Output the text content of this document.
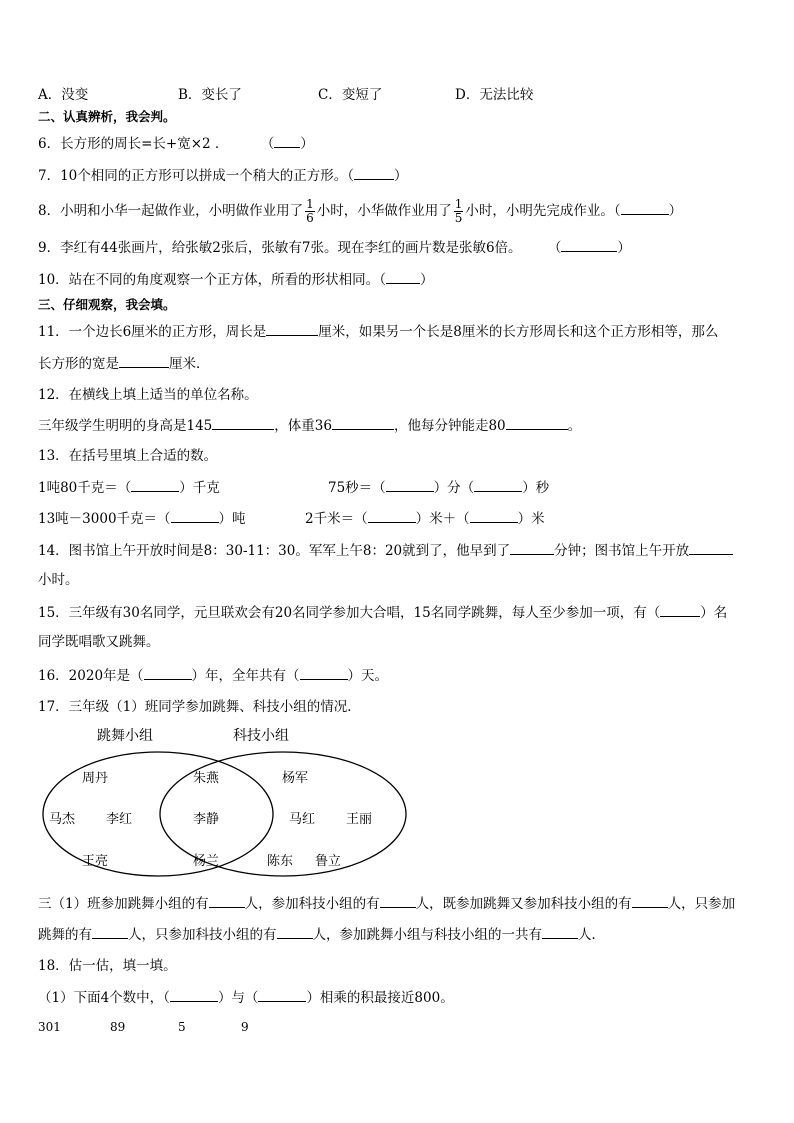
A．没变	B．变长了	C．变短了	D．无法比较
二、认真辨析，我会判。
6．长方形的周长=长+宽×2 ． （ ）
7．10个相同的正方形可以拼成一个稍大的正方形。（	）
8．小明和小华一起做作业，小明做作业用了 $\frac{1}{6}$ 小时，小华做作业用了 $\frac{1}{5}$ 小时，小明先完成作业。（	）
9．李红有44张画片，给张敏2张后，张敏有7张。现在李红的画片数是张敏6倍。 （	）
10．站在不同的角度观察一个正方体，所看的形状相同。（	）
三、仔细观察，我会填。
11．一个边长6厘米的正方形，周长是	厘米，如果另一个长是8厘米的长方形周长和这个正方形相等，那么
长方形的宽是	厘米．
12．在横线上填上适当的单位名称。
三年级学生明明的身高是145	，体重36	，他每分钟能走80	。
13．在括号里填上合适的数。
1吨80千克＝（	）千克	75秒＝（	）分（	）秒
13吨－3000千克＝（	）吨	2千米＝（	）米＋（	）米
14．图书馆上午开放时间是8：30-11：30。军军上午8：20就到了，他早到了	分钟；图书馆上午开放
小时。
15．三年级有30名同学，元旦联欢会有20名同学参加大合唱，15名同学跳舞，每人至少参加一项，有（	）名
同学既唱歌又跳舞。
16．2020年是（	）年，全年共有（	）天。
17．三年级（1）班同学参加跳舞、科技小组的情况．
跳舞小组	科技小组
周丹
马杰 李红
王亮
朱燕
李静
杨兰
杨军
马红 王丽
陈东 鲁立
三（1）班参加跳舞小组的有	人，参加科技小组的有	人，既参加跳舞又参加科技小组的有	人，只参加
跳舞的有	人，只参加科技小组的有	人，参加跳舞小组与科技小组的一共有	人．
18．估一估，填一填。
（1）下面4个数中，（	）与（	）相乘的积最接近800。
301	89	5	9
